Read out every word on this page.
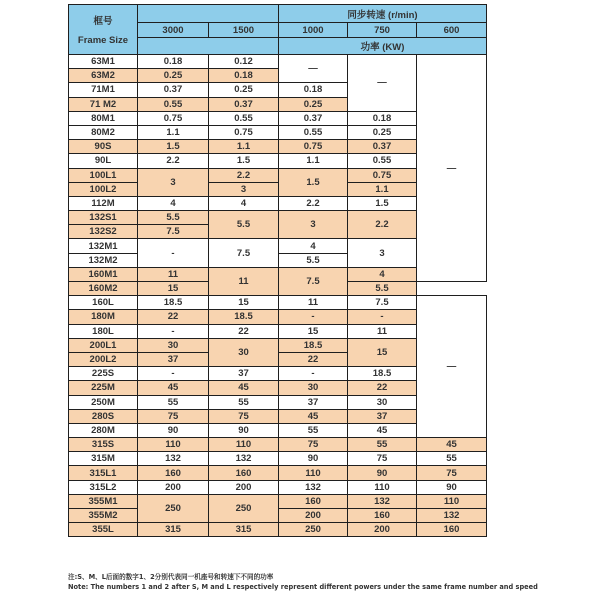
框号
Frame Size			同步转速 (r/min)		
	3000	1500	1000	750	600
			功率 (KW)		
63M1	0.18	0.12	—	—	—
63M2	0.25	0.18			
71M1	0.37	0.25	0.18		
71 M2	0.55	0.37	0.25		
80M1	0.75	0.55	0.37	0.18	
80M2	1.1	0.75	0.55	0.25	
90S	1.5	1.1	0.75	0.37	
90L	2.2	1.5	1.1	0.55	
100L1	3	2.2	1.5	0.75	
100L2		3		1.1	
112M	4	4	2.2	1.5	
132S1	5.5	5.5	3	2.2	
132S2	7.5				
132M1	-	7.5	4	3	
132M2			5.5		
160M1	11	11	7.5	4	
160M2	15			5.5	
160L	18.5	15	11	7.5	—
180M	22	18.5	-	-	
180L	-	22	15	11	
200L1	30	30	18.5	15	
200L2	37		22		
225S	-	37	-	18.5	
225M	45	45	30	22	
250M	55	55	37	30	
280S	75	75	45	37	
280M	90	90	55	45	
315S	110	110	75	55	45
315M	132	132	90	75	55
315L1	160	160	110	90	75
315L2	200	200	132	110	90
355M1	250	250	160	132	110
355M2			200	160	132
355L	315	315	250	200	160
注:S、M、L后面的数字1、2分别代表同一机座号和转速下不同的功率
Note: The numbers 1 and 2 after S, M and L respectively represent different powers under the same frame number and speed
